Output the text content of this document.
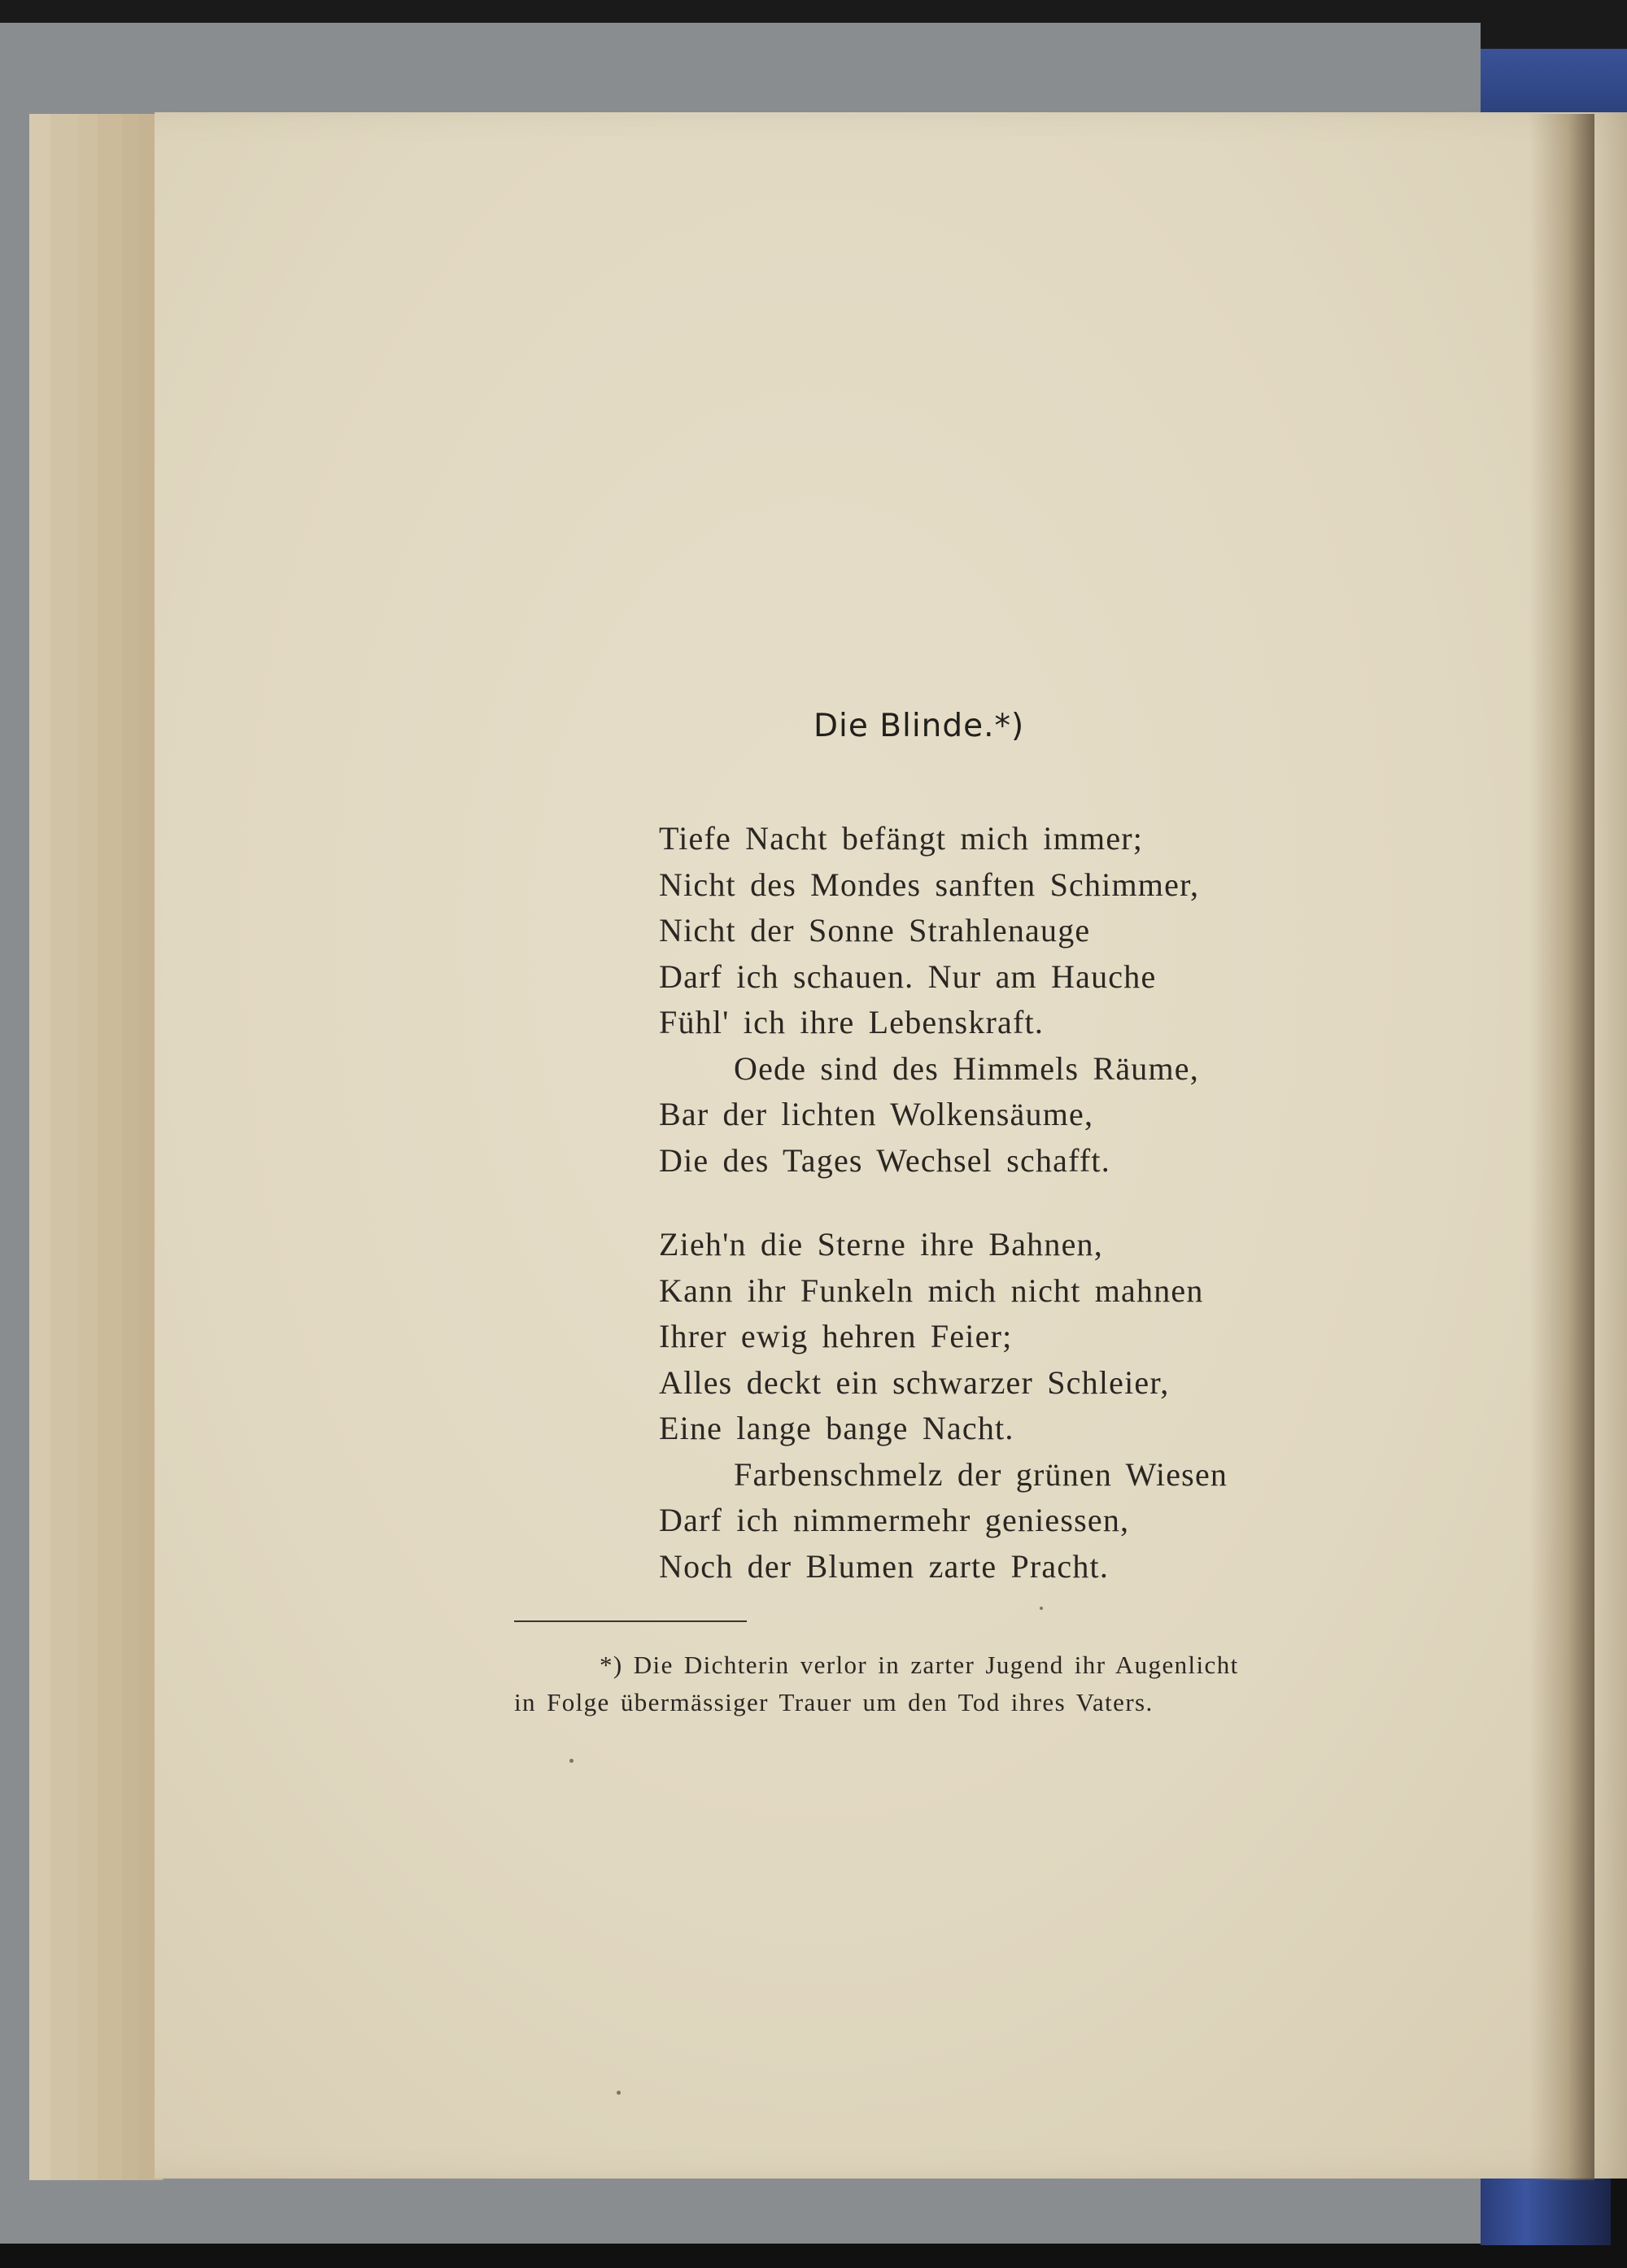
Die Blinde.*)
Tiefe Nacht befängt mich immer;
Nicht des Mondes sanften Schimmer,
Nicht der Sonne Strahlenauge
Darf ich schauen. Nur am Hauche
Fühl' ich ihre Lebenskraft.
Oede sind des Himmels Räume,
Bar der lichten Wolkensäume,
Die des Tages Wechsel schafft.
Zieh'n die Sterne ihre Bahnen,
Kann ihr Funkeln mich nicht mahnen
Ihrer ewig hehren Feier;
Alles deckt ein schwarzer Schleier,
Eine lange bange Nacht.
Farbenschmelz der grünen Wiesen
Darf ich nimmermehr geniessen,
Noch der Blumen zarte Pracht.
*) Die Dichterin verlor in zarter Jugend ihr Augenlicht
in Folge übermässiger Trauer um den Tod ihres Vaters.
